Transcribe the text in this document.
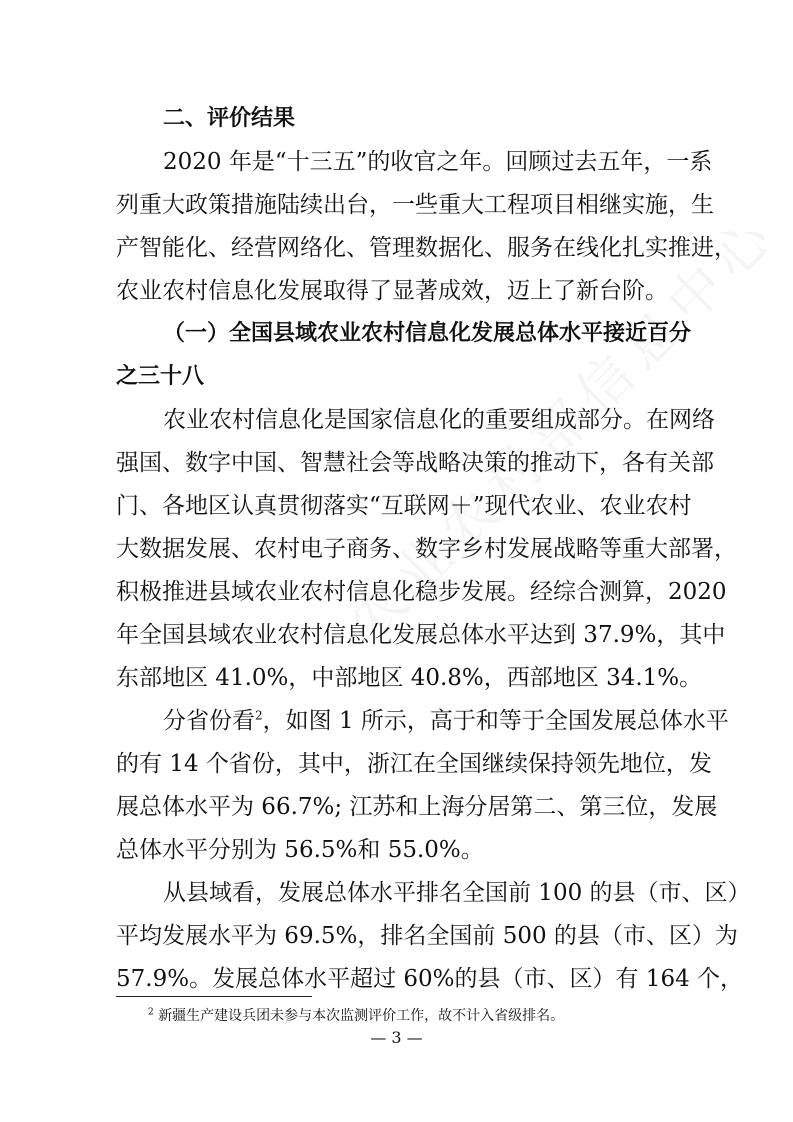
二、评价结果
2020 年是“十三五”的收官之年。回顾过去五年，一系
列重大政策措施陆续出台，一些重大工程项目相继实施，生
产智能化、经营网络化、管理数据化、服务在线化扎实推进，
农业农村信息化发展取得了显著成效，迈上了新台阶。
（一）全国县域农业农村信息化发展总体水平接近百分
之三十八
农业农村信息化是国家信息化的重要组成部分。在网络
强国、数字中国、智慧社会等战略决策的推动下，各有关部
门、各地区认真贯彻落实“互联网＋”现代农业、农业农村
大数据发展、农村电子商务、数字乡村发展战略等重大部署，
积极推进县域农业农村信息化稳步发展。经综合测算，2020
年全国县域农业农村信息化发展总体水平达到 37.9%，其中
东部地区 41.0%，中部地区 40.8%，西部地区 34.1%。
分省份看$^2$，如图 1 所示，高于和等于全国发展总体水平
的有 14 个省份，其中，浙江在全国继续保持领先地位，发
展总体水平为 66.7%; 江苏和上海分居第二、第三位，发展
总体水平分别为 56.5%和 55.0%。
从县域看，发展总体水平排名全国前 100 的县（市、区）
平均发展水平为 69.5%，排名全国前 500 的县（市、区）为
57.9%。发展总体水平超过 60%的县（市、区）有 164 个，
$^2$ 新疆生产建设兵团未参与本次监测评价工作，故不计入省级排名。
— 3 —
